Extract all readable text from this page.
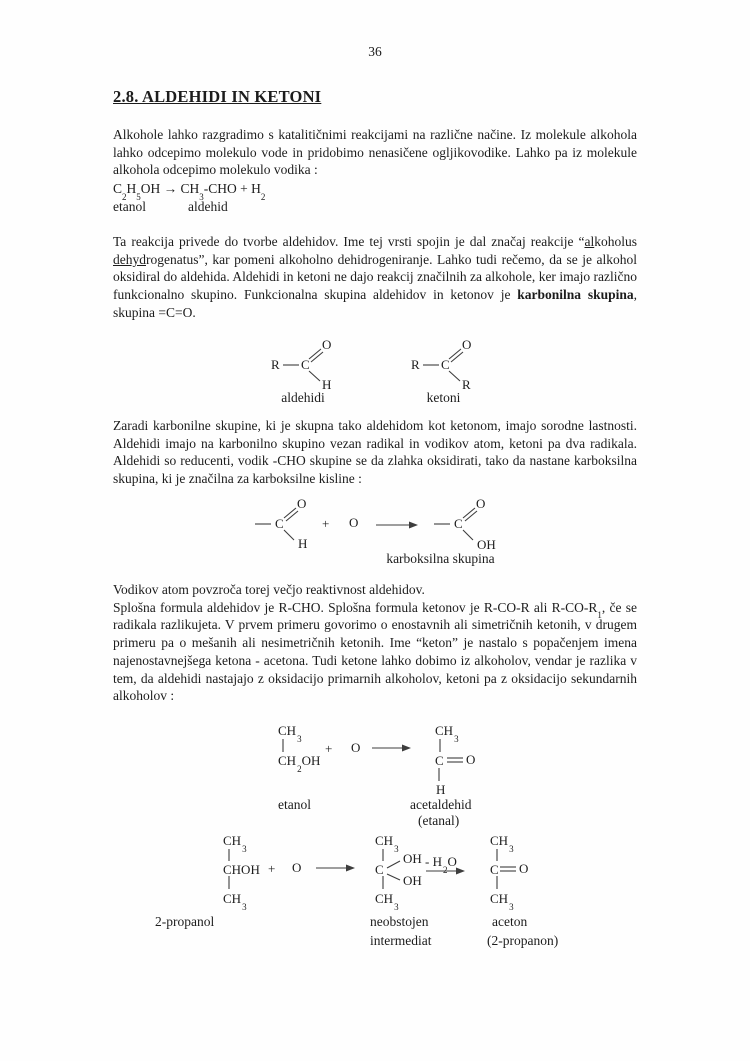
36
2.8. ALDEHIDI IN KETONI
Alkohole lahko razgradimo s katalitičnimi reakcijami na različne načine. Iz molekule alkohola lahko odcepimo molekulo vode in pridobimo nenasičene ogljikovodike. Lahko pa iz molekule alkohola odcepimo molekulo vodika :
$C_2H_5OH \to CH_3-CHO + H_2$
etanol	aldehid
Ta reakcija privede do tvorbe aldehidov. Ime tej vrsti spojin je dal značaj reakcije “alkoholus dehydrogenatus”, kar pomeni alkoholno dehidrogeniranje. Lahko tudi rečemo, da se je alkohol oksidiral do aldehida. Aldehidi in ketoni ne dajo reakcij značilnih za alkohole, ker imajo različno funkcionalno skupino. Funkcionalna skupina aldehidov in ketonov je karbonilna skupina, skupina =C=O.
R C
O
H
aldehidi
R C
O
R
ketoni
Zaradi karbonilne skupine, ki je skupna tako aldehidom kot ketonom, imajo sorodne lastnosti. Aldehidi imajo na karbonilno skupino vezan radikal in vodikov atom, ketoni pa dva radikala. Aldehidi so reducenti, vodik -CHO skupine se da zlahka oksidirati, tako da nastane karboksilna skupina, ki je značilna za karboksilne kisline :
C
O
H
+ O	C
O
OH
karboksilna skupina
Vodikov atom povzroča torej večjo reaktivnost aldehidov.
Splošna formula aldehidov je R-CHO. Splošna formula ketonov je R-CO-R ali $R-CO-R_1$, če se radikala razlikujeta. V prvem primeru govorimo o enostavnih ali simetričnih ketonih, v drugem primeru pa o mešanih ali nesimetričnih ketonih. Ime “keton” je nastalo s popačenjem imena najenostavnejšega ketona - acetona. Tudi ketone lahko dobimo iz alkoholov, vendar je razlika v tem, da aldehidi nastajajo z oksidacijo primarnih alkoholov, ketoni pa z oksidacijo sekundarnih alkoholov :
$CH_3$
$CH_2OH$
+ O
$CH_3$
C O
H
etanol	acetaldehid
(etanal)
$CH_3$
CHOH
$CH_3$
+ O
$CH_3$
C
OH
OH
$CH_3$
- $H_2O$
$CH_3$
C O
$CH_3$
2-propanol	neobstojen
intermediat
aceton
(2-propanon)
